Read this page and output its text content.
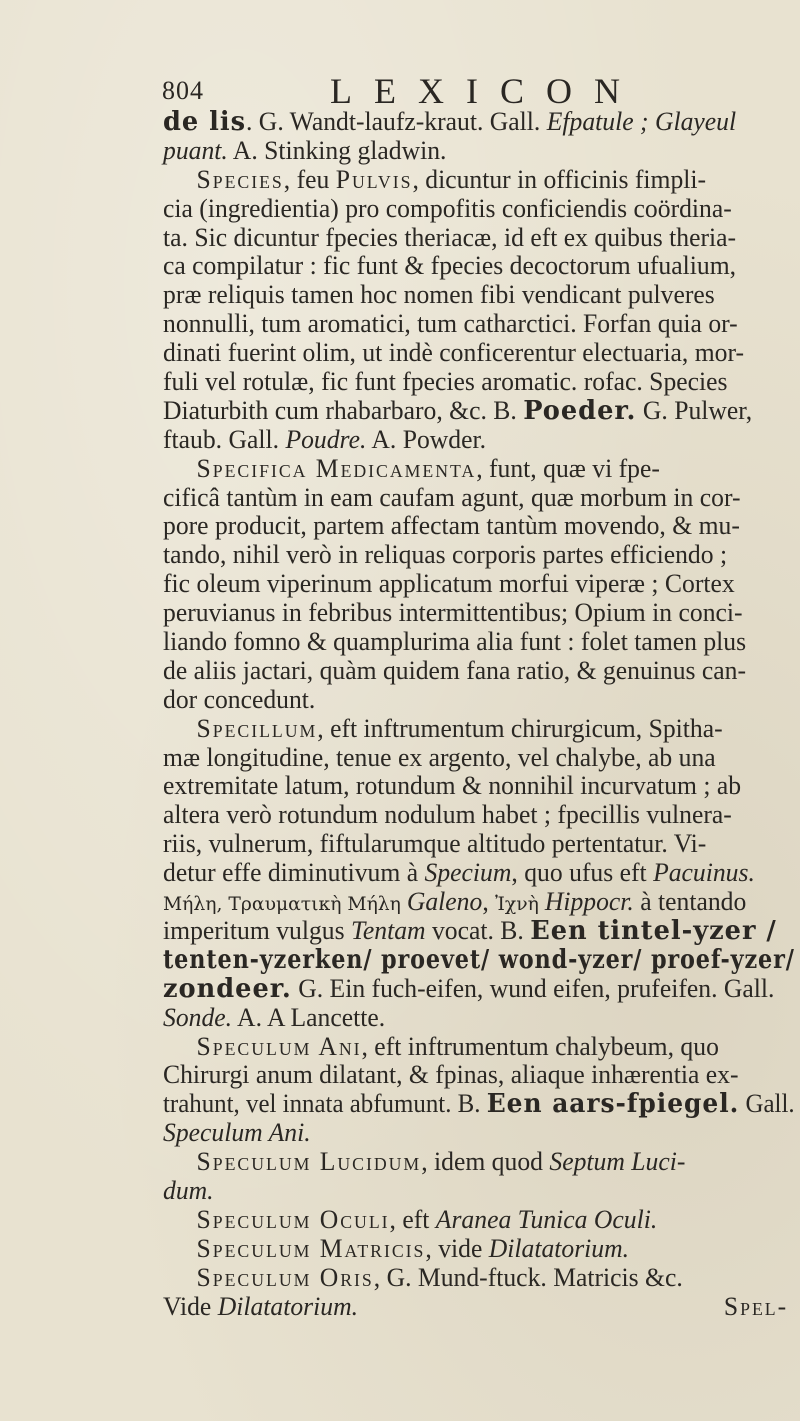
804	LEXICON
de lis. G. Wandt-laufz-kraut. Gall. Efpatule ; Glayeul
puant. A. Stinking gladwin.
Species, feu Pulvis, dicuntur in officinis fimpli-
cia (ingredientia) pro compofitis conficiendis coördina-
ta. Sic dicuntur fpecies theriacæ, id eft ex quibus theria-
ca compilatur : fic funt & fpecies decoctorum ufualium,
præ reliquis tamen hoc nomen fibi vendicant pulveres
nonnulli, tum aromatici, tum catharctici. Forfan quia or-
dinati fuerint olim, ut indè conficerentur electuaria, mor-
fuli vel rotulæ, fic funt fpecies aromatic. rofac. Species
Diaturbith cum rhabarbaro, &c. B. Poeder. G. Pulwer,
ftaub. Gall. Poudre. A. Powder.
Specifica Medicamenta, funt, quæ vi fpe-
cificâ tantùm in eam caufam agunt, quæ morbum in cor-
pore producit, partem affectam tantùm movendo, & mu-
tando, nihil verò in reliquas corporis partes efficiendo ;
fic oleum viperinum applicatum morfui viperæ ; Cortex
peruvianus in febribus intermittentibus; Opium in conci-
liando fomno & quamplurima alia funt : folet tamen plus
de aliis jactari, quàm quidem fana ratio, & genuinus can-
dor concedunt.
Specillum, eft inftrumentum chirurgicum, Spitha-
mæ longitudine, tenue ex argento, vel chalybe, ab una
extremitate latum, rotundum & nonnihil incurvatum ; ab
altera verò rotundum nodulum habet ; fpecillis vulnera-
riis, vulnerum, fiftularumque altitudo pertentatur. Vi-
detur effe diminutivum à Specium, quo ufus eft Pacuinus.
Μήλη, Τραυματικὴ Μήλη Galeno, Ἰχνὴ Hippocr. à tentando
imperitum vulgus Tentam vocat. B. Een tintel-yzer /
tenten-yzerken/ proevet/ wond-yzer/ proef-yzer/
zondeer. G. Ein fuch-eifen, wund eifen, prufeifen. Gall.
Sonde. A. A Lancette.
Speculum Ani, eft inftrumentum chalybeum, quo
Chirurgi anum dilatant, & fpinas, aliaque inhærentia ex-
trahunt, vel innata abfumunt. B. Een aars-fpiegel. Gall.
Speculum Ani.
Speculum Lucidum, idem quod Septum Luci-
dum.
Speculum Oculi, eft Aranea Tunica Oculi.
Speculum Matricis, vide Dilatatorium.
Speculum Oris, G. Mund-ftuck. Matricis &c.
Vide Dilatatorium.	Spel-
